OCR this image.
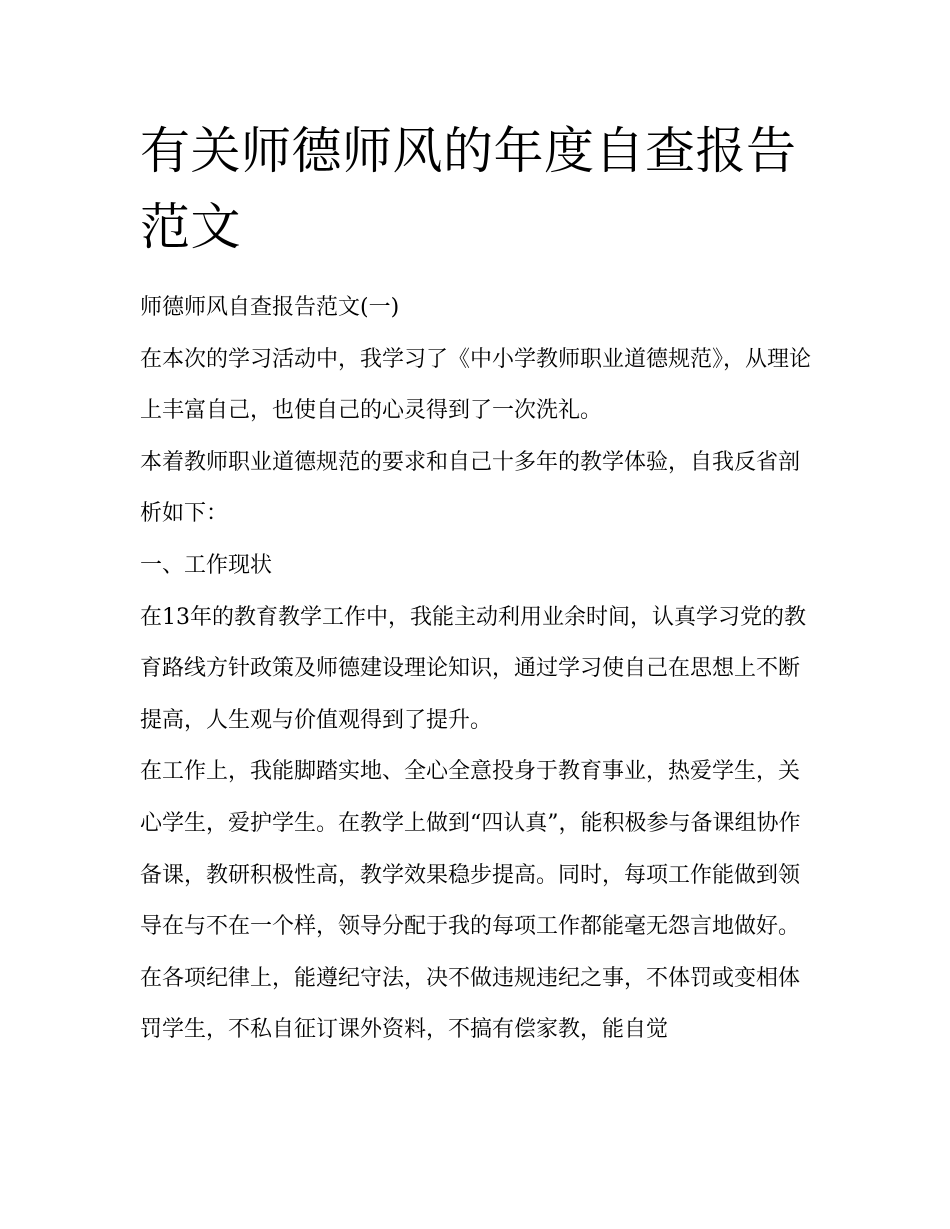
有关师德师风的年度自查报告范文

师德师风自查报告范文(一)

在本次的学习活动中，我学习了《中小学教师职业道德规范》，从理论上丰富自己，也使自己的心灵得到了一次洗礼。

本着教师职业道德规范的要求和自己十多年的教学体验，自我反省剖析如下：

一、工作现状

在13年的教育教学工作中，我能主动利用业余时间，认真学习党的教育路线方针政策及师德建设理论知识，通过学习使自己在思想上不断提高，人生观与价值观得到了提升。

在工作上，我能脚踏实地、全心全意投身于教育事业，热爱学生，关心学生，爱护学生。在教学上做到“四认真”，能积极参与备课组协作备课，教研积极性高，教学效果稳步提高。同时，每项工作能做到领导在与不在一个样，领导分配于我的每项工作都能毫无怨言地做好。

在各项纪律上，能遵纪守法，决不做违规违纪之事，不体罚或变相体罚学生，不私自征订课外资料，不搞有偿家教，能自觉
